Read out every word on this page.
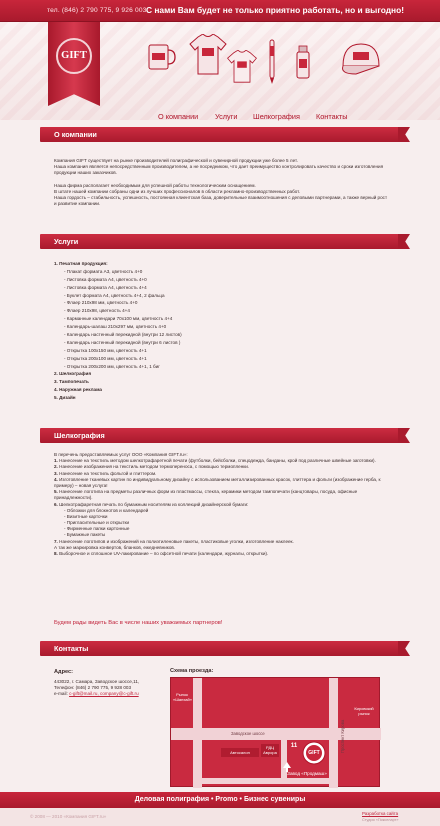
тел. (846) 2 790 775, 9 926 003 С нами Вам будет не только приятно работать, но и выгодно!
GIFT
О компании Услуги Шелкография Контакты
О компании

Компания GIFT существует на рынке производителей полиграфической и сувенирной продукции уже более 5 лет.

Наша компания является непосредственным производителем, а не посредником, что дает преимущество контролировать качество и сроки изготовления продукции наших заказчиков.

Наша фирма располагает необходимым для успешной работы технологическим оснащением.

В штате нашей компании собраны одни из лучших профессионалов в области рекламно-производственных работ.

Наша гордость – стабильность, успешность, постоянная клиентская база, доверительные взаимоотношения с деловыми партнерами, а также верный рост и развитие компании.

Услуги

1. Печатная продукция:

- Плакат формата А3, цветность 4+0

- Листовка формата А4, цветность 4+0

- Листовка формата А4, цветность 4+4

- Буклет формата А4, цветность 4+4, 2 фальца

- Флаер 210х98 мм, цветность 4+0

- Флаер 210х98, цветность 4+4

- Карманные календари 70х100 мм, цветность 4+4

- Календарь-шалаш 210х297 мм, цветность 4+0

- Календарь настенный перекидной (внутри 12 листов)

- Календарь настенный перекидной (внутри 6 листов )

- Открытка 100х150 мм, цветность 4+1

- Открытка 200х100 мм, цветность 4+1

- Открытка 200х200 мм, цветность 4+1, 1 биг

2. Шелкография

3. Тампопечать

4. Наружная реклама

5. Дизайн

Шелкография

В перечень предоставляемых услуг ООО «Компания GIFT.ru»:

1. Нанесение на текстиль методом шелкотрафаретной печати (футболки, бейсболки, спецодежда, банданы, крой под различные швейные заготовки).

2. Нанесение изображения на текстиль методом термопереноса, с помощью термопленки.

3. Нанесение на текстиль фольгой и глиттером.

4. Изготовление тканевых картин по индивидуальному дизайну с использованием металлизированных красок, глиттера и фольги (изображение герба, к примеру) – новая услуга!

5. Нанесение логотипа на предметы различных форм из пластмассы, стекла, керамики методом тампопечати (канцтовары, посуда, офисные принадлежности).

6. Шелкотрафаретная печать по бумажным носителям из коллекций дизайнерской бумаги:

- Обложки для блокнотов и календарей

- Визитные карточки

- Пригласительные и открытки

- Фирменные папки картонные

- Бумажные пакеты

7. Нанесение логотипов и изображений на полиэтиленовые пакеты, пластиковые уголки, изготовление наклеек.

А так же маркировка конвертов, бланков, ежедневников.

8. Выборочное и сплошное UV-лакирование – по офсетной печати (календари, журналы, открытки).

Будем рады видеть Вас в числе наших уважаемых партнеров!

Контакты

Адрес:

443022, г. Самара, Заводское шоссе,11,

Телефон: (846) 2 790 775, 9 928 003

e-mail: c-gift@mail.ru, company@c-gift.ru

Схема проезда:

Заводское шоссе	Проспект Кирова
Рынок «Шанхай»
Кировский рынок
Автосалон
РДЦ Аврора
11
Завод «Продмаш»
GIFT
Деловая полиграфия • Promo • Бизнес сувениры
© 2008 — 2010 «Компания GIFT.ru»
Разработка сайта
Студия «Пикселарт»
